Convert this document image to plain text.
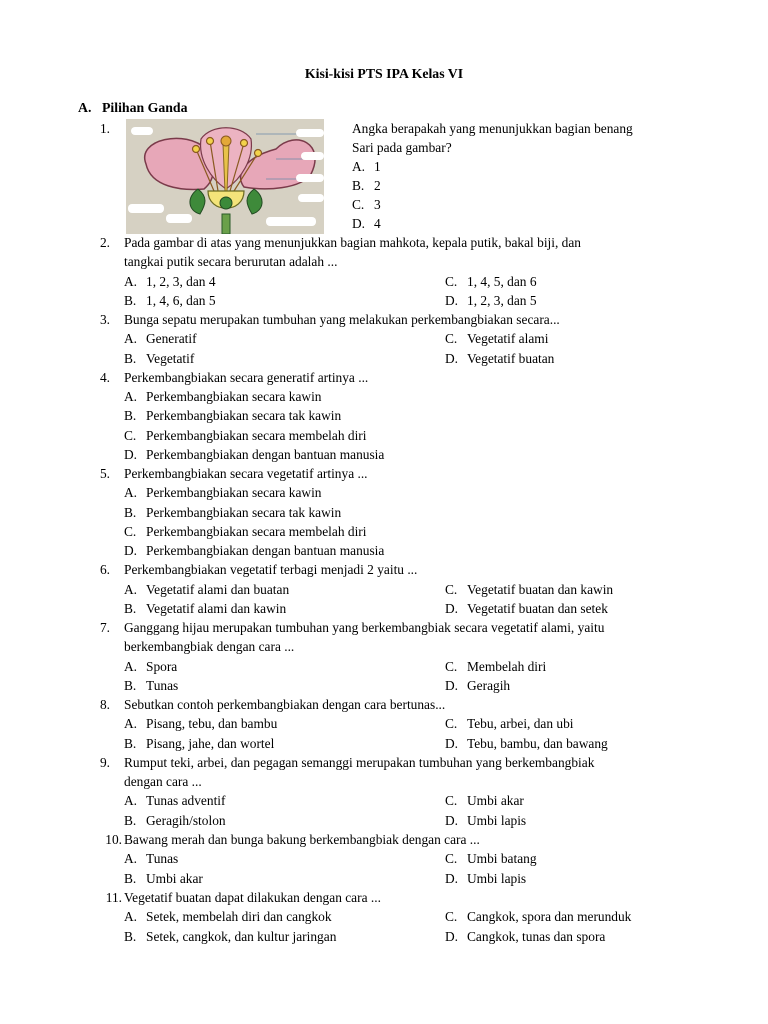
Kisi-kisi PTS IPA Kelas VI
A. Pilihan Ganda
1.	Angka berapakah yang menunjukkan bagian benang
Sari pada gambar?
A. 1
B. 2
C. 3
D. 4
2. Pada gambar di atas yang menunjukkan bagian mahkota, kepala putik, bakal biji, dan
tangkai putik secara berurutan adalah ...
A. 1, 2, 3, dan 4	C. 1, 4, 5, dan 6
B. 1, 4, 6, dan 5	D. 1, 2, 3, dan 5
3. Bunga sepatu merupakan tumbuhan yang melakukan perkembangbiakan secara...
A. Generatif	C. Vegetatif alami
B. Vegetatif	D. Vegetatif buatan
4. Perkembangbiakan secara generatif artinya ...
A. Perkembangbiakan secara kawin
B. Perkembangbiakan secara tak kawin
C. Perkembangbiakan secara membelah diri
D. Perkembangbiakan dengan bantuan manusia
5. Perkembangbiakan secara vegetatif artinya ...
A. Perkembangbiakan secara kawin
B. Perkembangbiakan secara tak kawin
C. Perkembangbiakan secara membelah diri
D. Perkembangbiakan dengan bantuan manusia
6. Perkembangbiakan vegetatif terbagi menjadi 2 yaitu ...
A. Vegetatif alami dan buatan	C. Vegetatif buatan dan kawin
B. Vegetatif alami dan kawin	D. Vegetatif buatan dan setek
7. Ganggang hijau merupakan tumbuhan yang berkembangbiak secara vegetatif alami, yaitu
berkembangbiak dengan cara ...
A. Spora	C. Membelah diri
B. Tunas	D. Geragih
8. Sebutkan contoh perkembangbiakan dengan cara bertunas...
A. Pisang, tebu, dan bambu	C. Tebu, arbei, dan ubi
B. Pisang, jahe, dan wortel	D. Tebu, bambu, dan bawang
9. Rumput teki, arbei, dan pegagan semanggi merupakan tumbuhan yang berkembangbiak
dengan cara ...
A. Tunas adventif	C. Umbi akar
B. Geragih/stolon	D. Umbi lapis
10. Bawang merah dan bunga bakung berkembangbiak dengan cara ...
A. Tunas	C. Umbi batang
B. Umbi akar	D. Umbi lapis
11. Vegetatif buatan dapat dilakukan dengan cara ...
A. Setek, membelah diri dan cangkok	C. Cangkok, spora dan merunduk
B. Setek, cangkok, dan kultur jaringan	D. Cangkok, tunas dan spora
